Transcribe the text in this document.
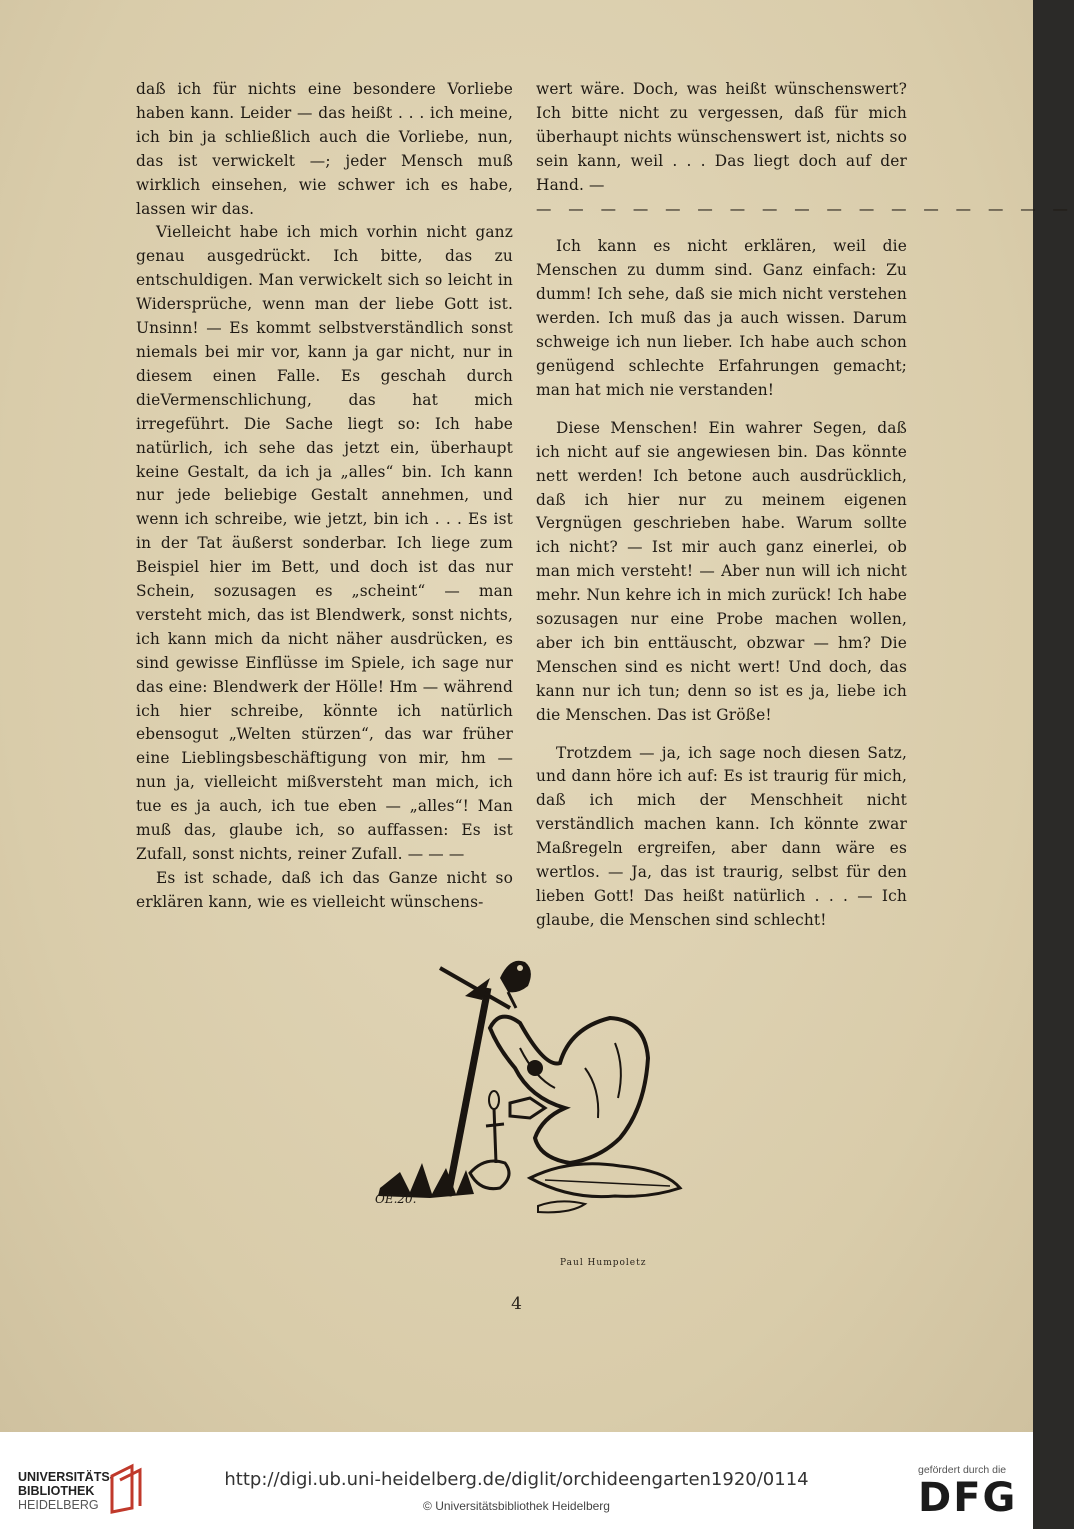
daß ich für nichts eine besondere Vorliebe haben kann. Leider — das heißt . . . ich meine, ich bin ja schließlich auch die Vorliebe, nun, das ist verwickelt —; jeder Mensch muß wirklich einsehen, wie schwer ich es habe, lassen wir das.

Vielleicht habe ich mich vorhin nicht ganz genau ausgedrückt. Ich bitte, das zu entschuldigen. Man verwickelt sich so leicht in Widersprüche, wenn man der liebe Gott ist. Unsinn! — Es kommt selbstverständlich sonst niemals bei mir vor, kann ja gar nicht, nur in diesem einen Falle. Es geschah durch dieVermenschlichung, das hat mich irregeführt. Die Sache liegt so: Ich habe natürlich, ich sehe das jetzt ein, überhaupt keine Gestalt, da ich ja „alles“ bin. Ich kann nur jede beliebige Gestalt annehmen, und wenn ich schreibe, wie jetzt, bin ich . . . Es ist in der Tat äußerst sonderbar. Ich liege zum Beispiel hier im Bett, und doch ist das nur Schein, sozusagen es „scheint“ — man versteht mich, das ist Blendwerk, sonst nichts, ich kann mich da nicht näher ausdrücken, es sind gewisse Einflüsse im Spiele, ich sage nur das eine: Blendwerk der Hölle! Hm — während ich hier schreibe, könnte ich natürlich ebensogut „Welten stürzen“, das war früher eine Lieblingsbeschäftigung von mir, hm — nun ja, vielleicht mißversteht man mich, ich tue es ja auch, ich tue eben — „alles“! Man muß das, glaube ich, so auffassen: Es ist Zufall, sonst nichts, reiner Zufall. — — —

Es ist schade, daß ich das Ganze nicht so erklären kann, wie es vielleicht wünschens-

wert wäre. Doch, was heißt wünschenswert? Ich bitte nicht zu vergessen, daß für mich überhaupt nichts wünschenswert ist, nichts so sein kann, weil . . . Das liegt doch auf der Hand. —

— — — — — — — — — — — — — — — — —

Ich kann es nicht erklären, weil die Menschen zu dumm sind. Ganz einfach: Zu dumm! Ich sehe, daß sie mich nicht verstehen werden. Ich muß das ja auch wissen. Darum schweige ich nun lieber. Ich habe auch schon genügend schlechte Erfahrungen gemacht; man hat mich nie verstanden!

Diese Menschen! Ein wahrer Segen, daß ich nicht auf sie angewiesen bin. Das könnte nett werden! Ich betone auch ausdrücklich, daß ich hier nur zu meinem eigenen Vergnügen geschrieben habe. Warum sollte ich nicht? — Ist mir auch ganz einerlei, ob man mich versteht! — Aber nun will ich nicht mehr. Nun kehre ich in mich zurück! Ich habe sozusagen nur eine Probe machen wollen, aber ich bin enttäuscht, obzwar — hm? Die Menschen sind es nicht wert! Und doch, das kann nur ich tun; denn so ist es ja, liebe ich die Menschen. Das ist Größe!

Trotzdem — ja, ich sage noch diesen Satz, und dann höre ich auf: Es ist traurig für mich, daß ich mich der Menschheit nicht verständlich machen kann. Ich könnte zwar Maßregeln ergreifen, aber dann wäre es wertlos. — Ja, das ist traurig, selbst für den lieben Gott! Das heißt natürlich . . . — Ich glaube, die Menschen sind schlecht!

OE.20.
Paul Humpoletz
4
UNIVERSITÄTS-
BIBLIOTHEK
HEIDELBERG
http://digi.ub.uni-heidelberg.de/diglit/orchideengarten1920/0114
© Universitätsbibliothek Heidelberg
gefördert durch die
DFG
